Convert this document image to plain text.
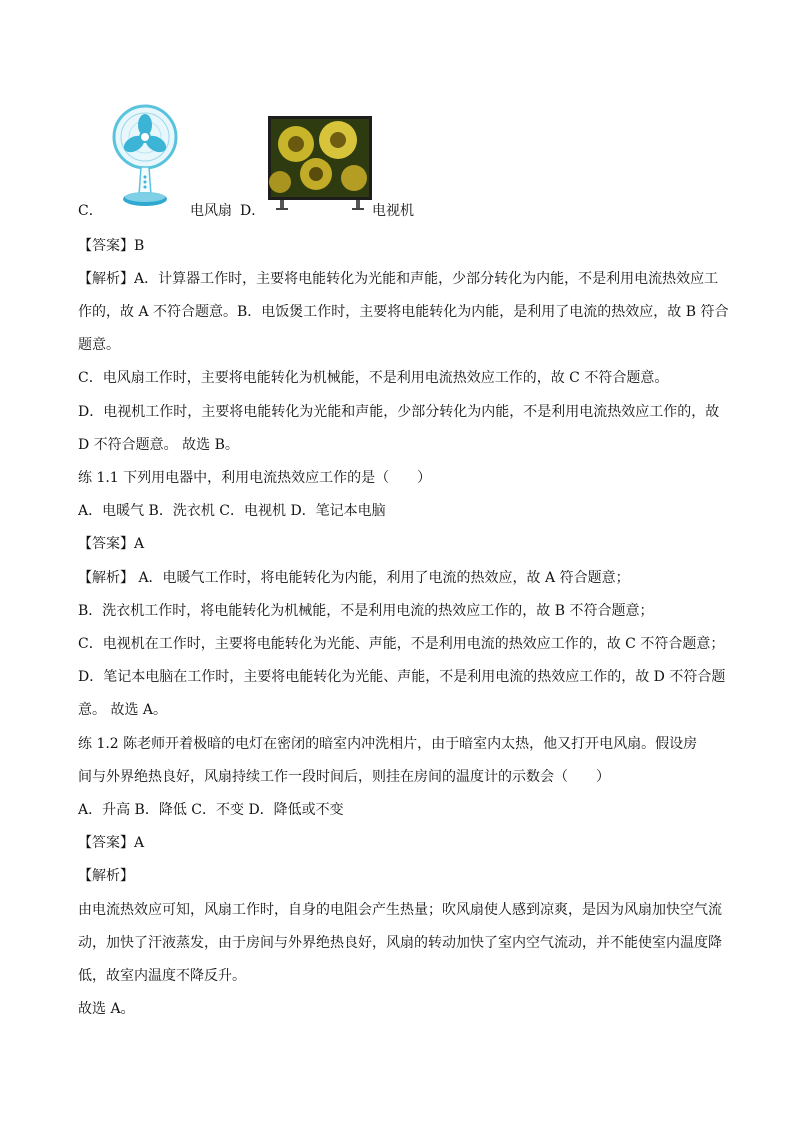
C．	电风扇 D．	电视机
【答案】B
【解析】A．计算器工作时，主要将电能转化为光能和声能，少部分转化为内能，不是利用电流热效应工
作的，故 A 不符合题意。B．电饭煲工作时，主要将电能转化为内能，是利用了电流的热效应，故 B 符合
题意。
C．电风扇工作时，主要将电能转化为机械能，不是利用电流热效应工作的，故 C 不符合题意。
D．电视机工作时，主要将电能转化为光能和声能，少部分转化为内能，不是利用电流热效应工作的，故
D 不符合题意。 故选 B。
练 1.1 下列用电器中，利用电流热效应工作的是（　　）
A．电暖气 B．洗衣机 C．电视机 D．笔记本电脑
【答案】A
【解析】 A．电暖气工作时，将电能转化为内能，利用了电流的热效应，故 A 符合题意；
B．洗衣机工作时，将电能转化为机械能，不是利用电流的热效应工作的，故 B 不符合题意；
C．电视机在工作时，主要将电能转化为光能、声能，不是利用电流的热效应工作的，故 C 不符合题意；
D．笔记本电脑在工作时，主要将电能转化为光能、声能，不是利用电流的热效应工作的，故 D 不符合题
意。 故选 A。
练 1.2 陈老师开着极暗的电灯在密闭的暗室内冲洗相片，由于暗室内太热，他又打开电风扇。假设房
间与外界绝热良好，风扇持续工作一段时间后，则挂在房间的温度计的示数会（　　）
A．升高 B．降低 C．不变 D．降低或不变
【答案】A
【解析】
由电流热效应可知，风扇工作时，自身的电阻会产生热量；吹风扇使人感到凉爽，是因为风扇加快空气流
动，加快了汗液蒸发，由于房间与外界绝热良好，风扇的转动加快了室内空气流动，并不能使室内温度降
低，故室内温度不降反升。
故选 A。
